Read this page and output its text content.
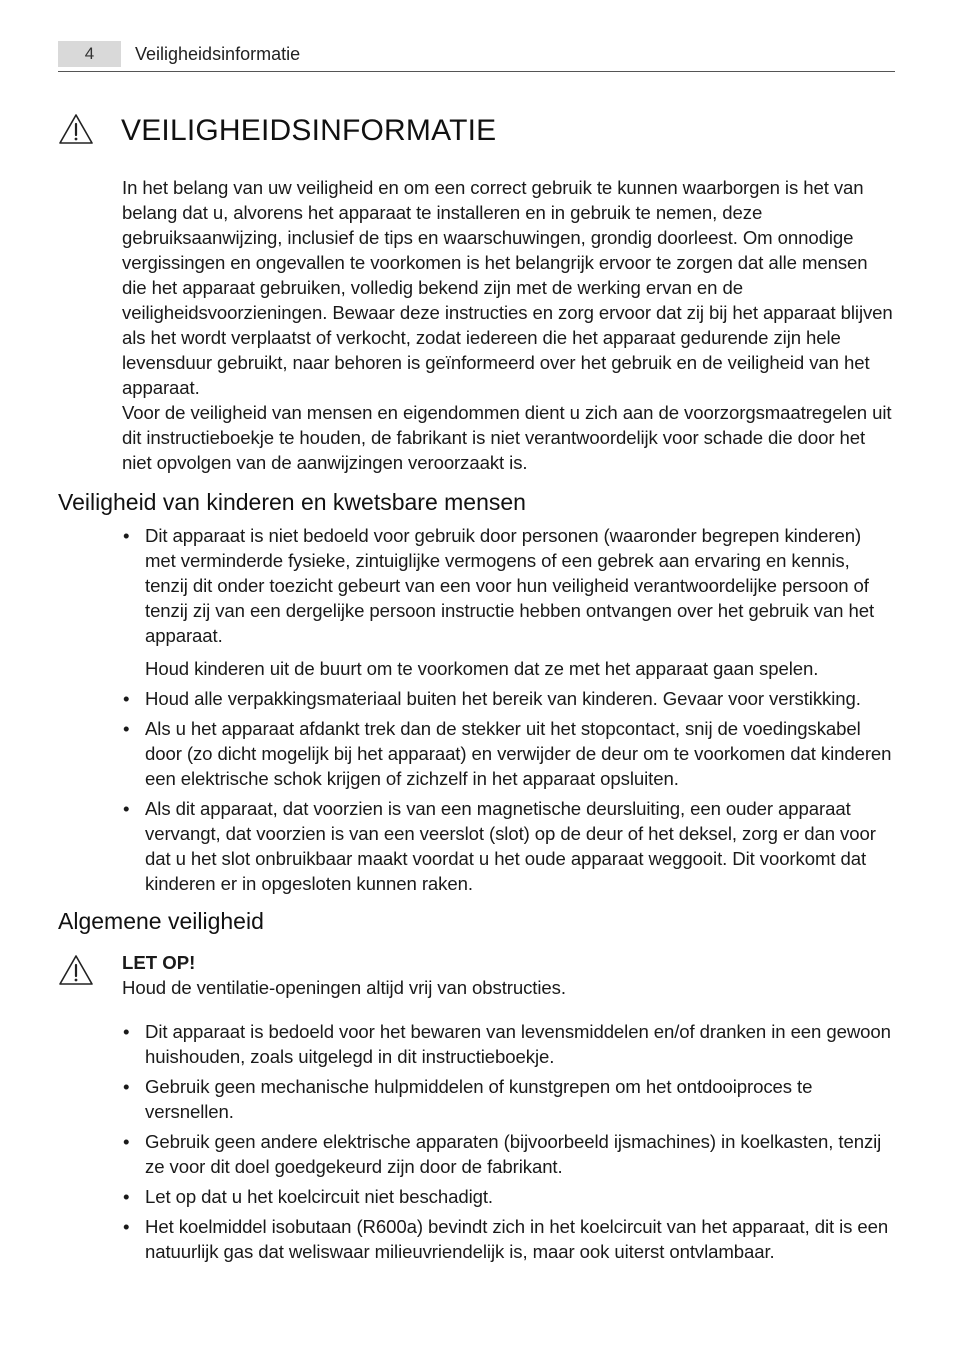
4	Veiligheidsinformatie
VEILIGHEIDSINFORMATIE

In het belang van uw veiligheid en om een correct gebruik te kunnen waarborgen is het van belang dat u, alvorens het apparaat te installeren en in gebruik te nemen, deze gebruiksaanwijzing, inclusief de tips en waarschuwingen, grondig doorleest. Om onnodige vergissingen en ongevallen te voorkomen is het belangrijk ervoor te zorgen dat alle mensen die het apparaat gebruiken, volledig bekend zijn met de werking ervan en de veiligheidsvoorzieningen. Bewaar deze instructies en zorg ervoor dat zij bij het apparaat blijven als het wordt verplaatst of verkocht, zodat iedereen die het apparaat gedurende zijn hele levensduur gebruikt, naar behoren is geïnformeerd over het gebruik en de veiligheid van het apparaat.

Voor de veiligheid van mensen en eigendommen dient u zich aan de voorzorgsmaatregelen uit dit instructieboekje te houden, de fabrikant is niet verantwoordelijk voor schade die door het niet opvolgen van de aanwijzingen veroorzaakt is.

Veiligheid van kinderen en kwetsbare mensen
• Dit apparaat is niet bedoeld voor gebruik door personen (waaronder begrepen kinderen) met verminderde fysieke, zintuiglijke vermogens of een gebrek aan ervaring en kennis, tenzij dit onder toezicht gebeurt van een voor hun veiligheid verantwoordelijke persoon of tenzij zij van een dergelijke persoon instructie hebben ontvangen over het gebruik van het apparaat.
Houd kinderen uit de buurt om te voorkomen dat ze met het apparaat gaan spelen.
• Houd alle verpakkingsmateriaal buiten het bereik van kinderen. Gevaar voor verstikking.
• Als u het apparaat afdankt trek dan de stekker uit het stopcontact, snij de voedingskabel door (zo dicht mogelijk bij het apparaat) en verwijder de deur om te voorkomen dat kinderen een elektrische schok krijgen of zichzelf in het apparaat opsluiten.
• Als dit apparaat, dat voorzien is van een magnetische deursluiting, een ouder apparaat vervangt, dat voorzien is van een veerslot (slot) op de deur of het deksel, zorg er dan voor dat u het slot onbruikbaar maakt voordat u het oude apparaat weggooit. Dit voorkomt dat kinderen er in opgesloten kunnen raken.
Algemene veiligheid
LET OP!
Houd de ventilatie-openingen altijd vrij van obstructies.
• Dit apparaat is bedoeld voor het bewaren van levensmiddelen en/of dranken in een gewoon huishouden, zoals uitgelegd in dit instructieboekje.
• Gebruik geen mechanische hulpmiddelen of kunstgrepen om het ontdooiproces te versnellen.
• Gebruik geen andere elektrische apparaten (bijvoorbeeld ijsmachines) in koelkasten, tenzij ze voor dit doel goedgekeurd zijn door de fabrikant.
• Let op dat u het koelcircuit niet beschadigt.
• Het koelmiddel isobutaan (R600a) bevindt zich in het koelcircuit van het apparaat, dit is een natuurlijk gas dat weliswaar milieuvriendelijk is, maar ook uiterst ontvlambaar.
